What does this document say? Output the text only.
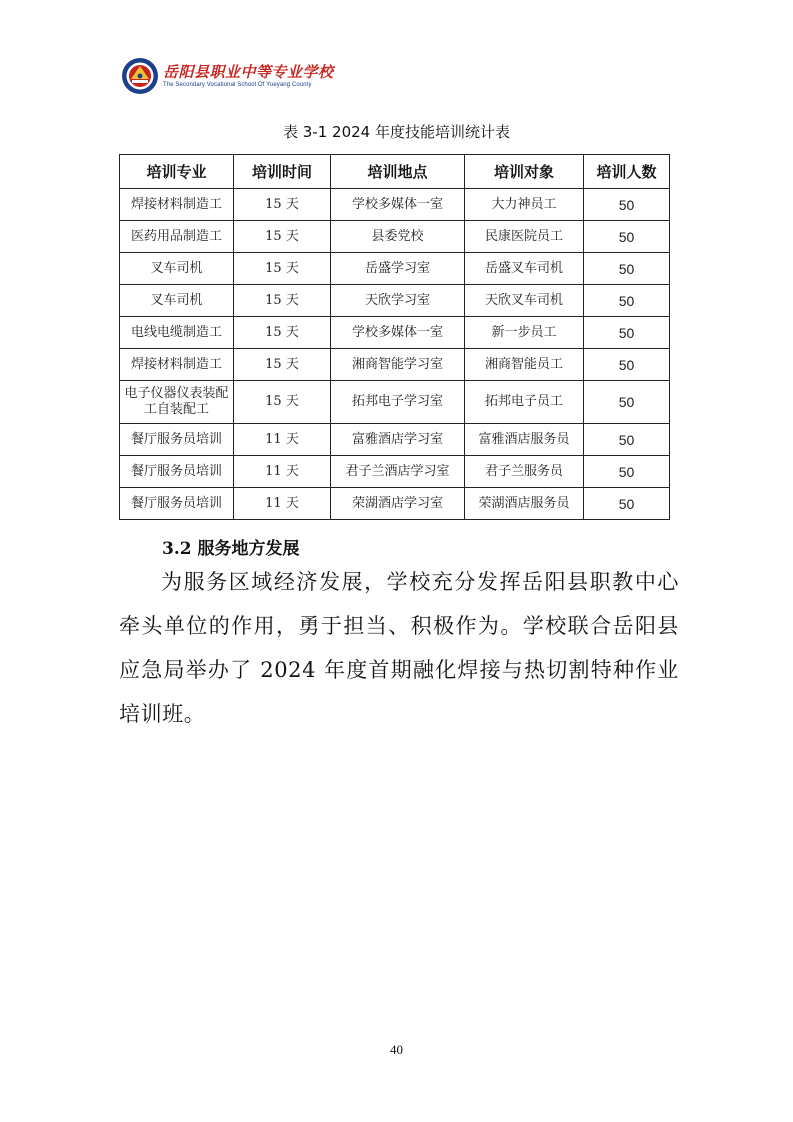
岳阳县职业中等专业学校
The Secondary Vocational School Of Yueyang County
表 3-1 2024 年度技能培训统计表
培训专业	培训时间	培训地点	培训对象	培训人数
焊接材料制造工	15 天	学校多媒体一室	大力神员工	50
医药用品制造工	15 天	县委党校	民康医院员工	50
叉车司机	15 天	岳盛学习室	岳盛叉车司机	50
叉车司机	15 天	天欣学习室	天欣叉车司机	50
电线电缆制造工	15 天	学校多媒体一室	新一步员工	50
焊接材料制造工	15 天	湘商智能学习室	湘商智能员工	50
电子仪器仪表装配工自装配工	15 天	拓邦电子学习室	拓邦电子员工	50
餐厅服务员培训	11 天	富雅酒店学习室	富雅酒店服务员	50
餐厅服务员培训	11 天	君子兰酒店学习室	君子兰服务员	50
餐厅服务员培训	11 天	荣湖酒店学习室	荣湖酒店服务员	50
3.2 服务地方发展

为服务区域经济发展，学校充分发挥岳阳县职教中心牵头单位的作用，勇于担当、积极作为。学校联合岳阳县应急局举办了 2024 年度首期融化焊接与热切割特种作业培训班。

40
